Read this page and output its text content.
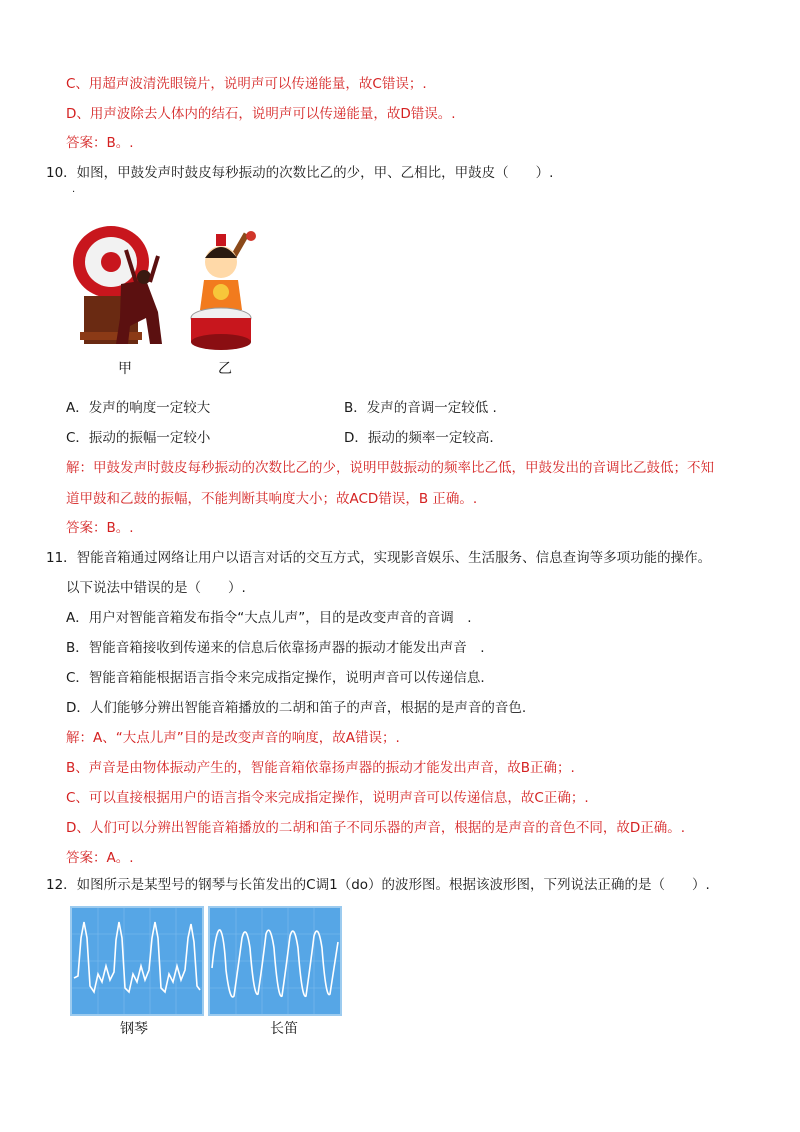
C、用超声波清洗眼镜片，说明声可以传递能量，故C错误；.
D、用声波除去人体内的结石，说明声可以传递能量，故D错误。.
答案：B。.
10．如图，甲鼓发声时鼓皮每秒振动的次数比乙的少，甲、乙相比，甲鼓皮（　　）.
.
甲	乙
A．发声的响度一定较大	B．发声的音调一定较低 .
C．振动的振幅一定较小	D．振动的频率一定较高.
解：甲鼓发声时鼓皮每秒振动的次数比乙的少，说明甲鼓振动的频率比乙低，甲鼓发出的音调比乙鼓低；不知
道甲鼓和乙鼓的振幅，不能判断其响度大小；故ACD错误，B 正确。.
答案：B。.
11．智能音箱通过网络让用户以语言对话的交互方式，实现影音娱乐、生活服务、信息查询等多项功能的操作。
以下说法中错误的是（　　）.
A．用户对智能音箱发布指令“大点儿声”，目的是改变声音的音调　.
B．智能音箱接收到传递来的信息后依靠扬声器的振动才能发出声音　.
C．智能音箱能根据语言指令来完成指定操作，说明声音可以传递信息.
D．人们能够分辨出智能音箱播放的二胡和笛子的声音，根据的是声音的音色.
解：A、“大点儿声”目的是改变声音的响度，故A错误；.
B、声音是由物体振动产生的，智能音箱依靠扬声器的振动才能发出声音，故B正确；.
C、可以直接根据用户的语言指令来完成指定操作，说明声音可以传递信息，故C正确；.
D、人们可以分辨出智能音箱播放的二胡和笛子不同乐器的声音，根据的是声音的音色不同，故D正确。.
答案：A。.
12．如图所示是某型号的钢琴与长笛发出的C调1（do）的波形图。根据该波形图，下列说法正确的是（　　）.
钢琴	长笛
